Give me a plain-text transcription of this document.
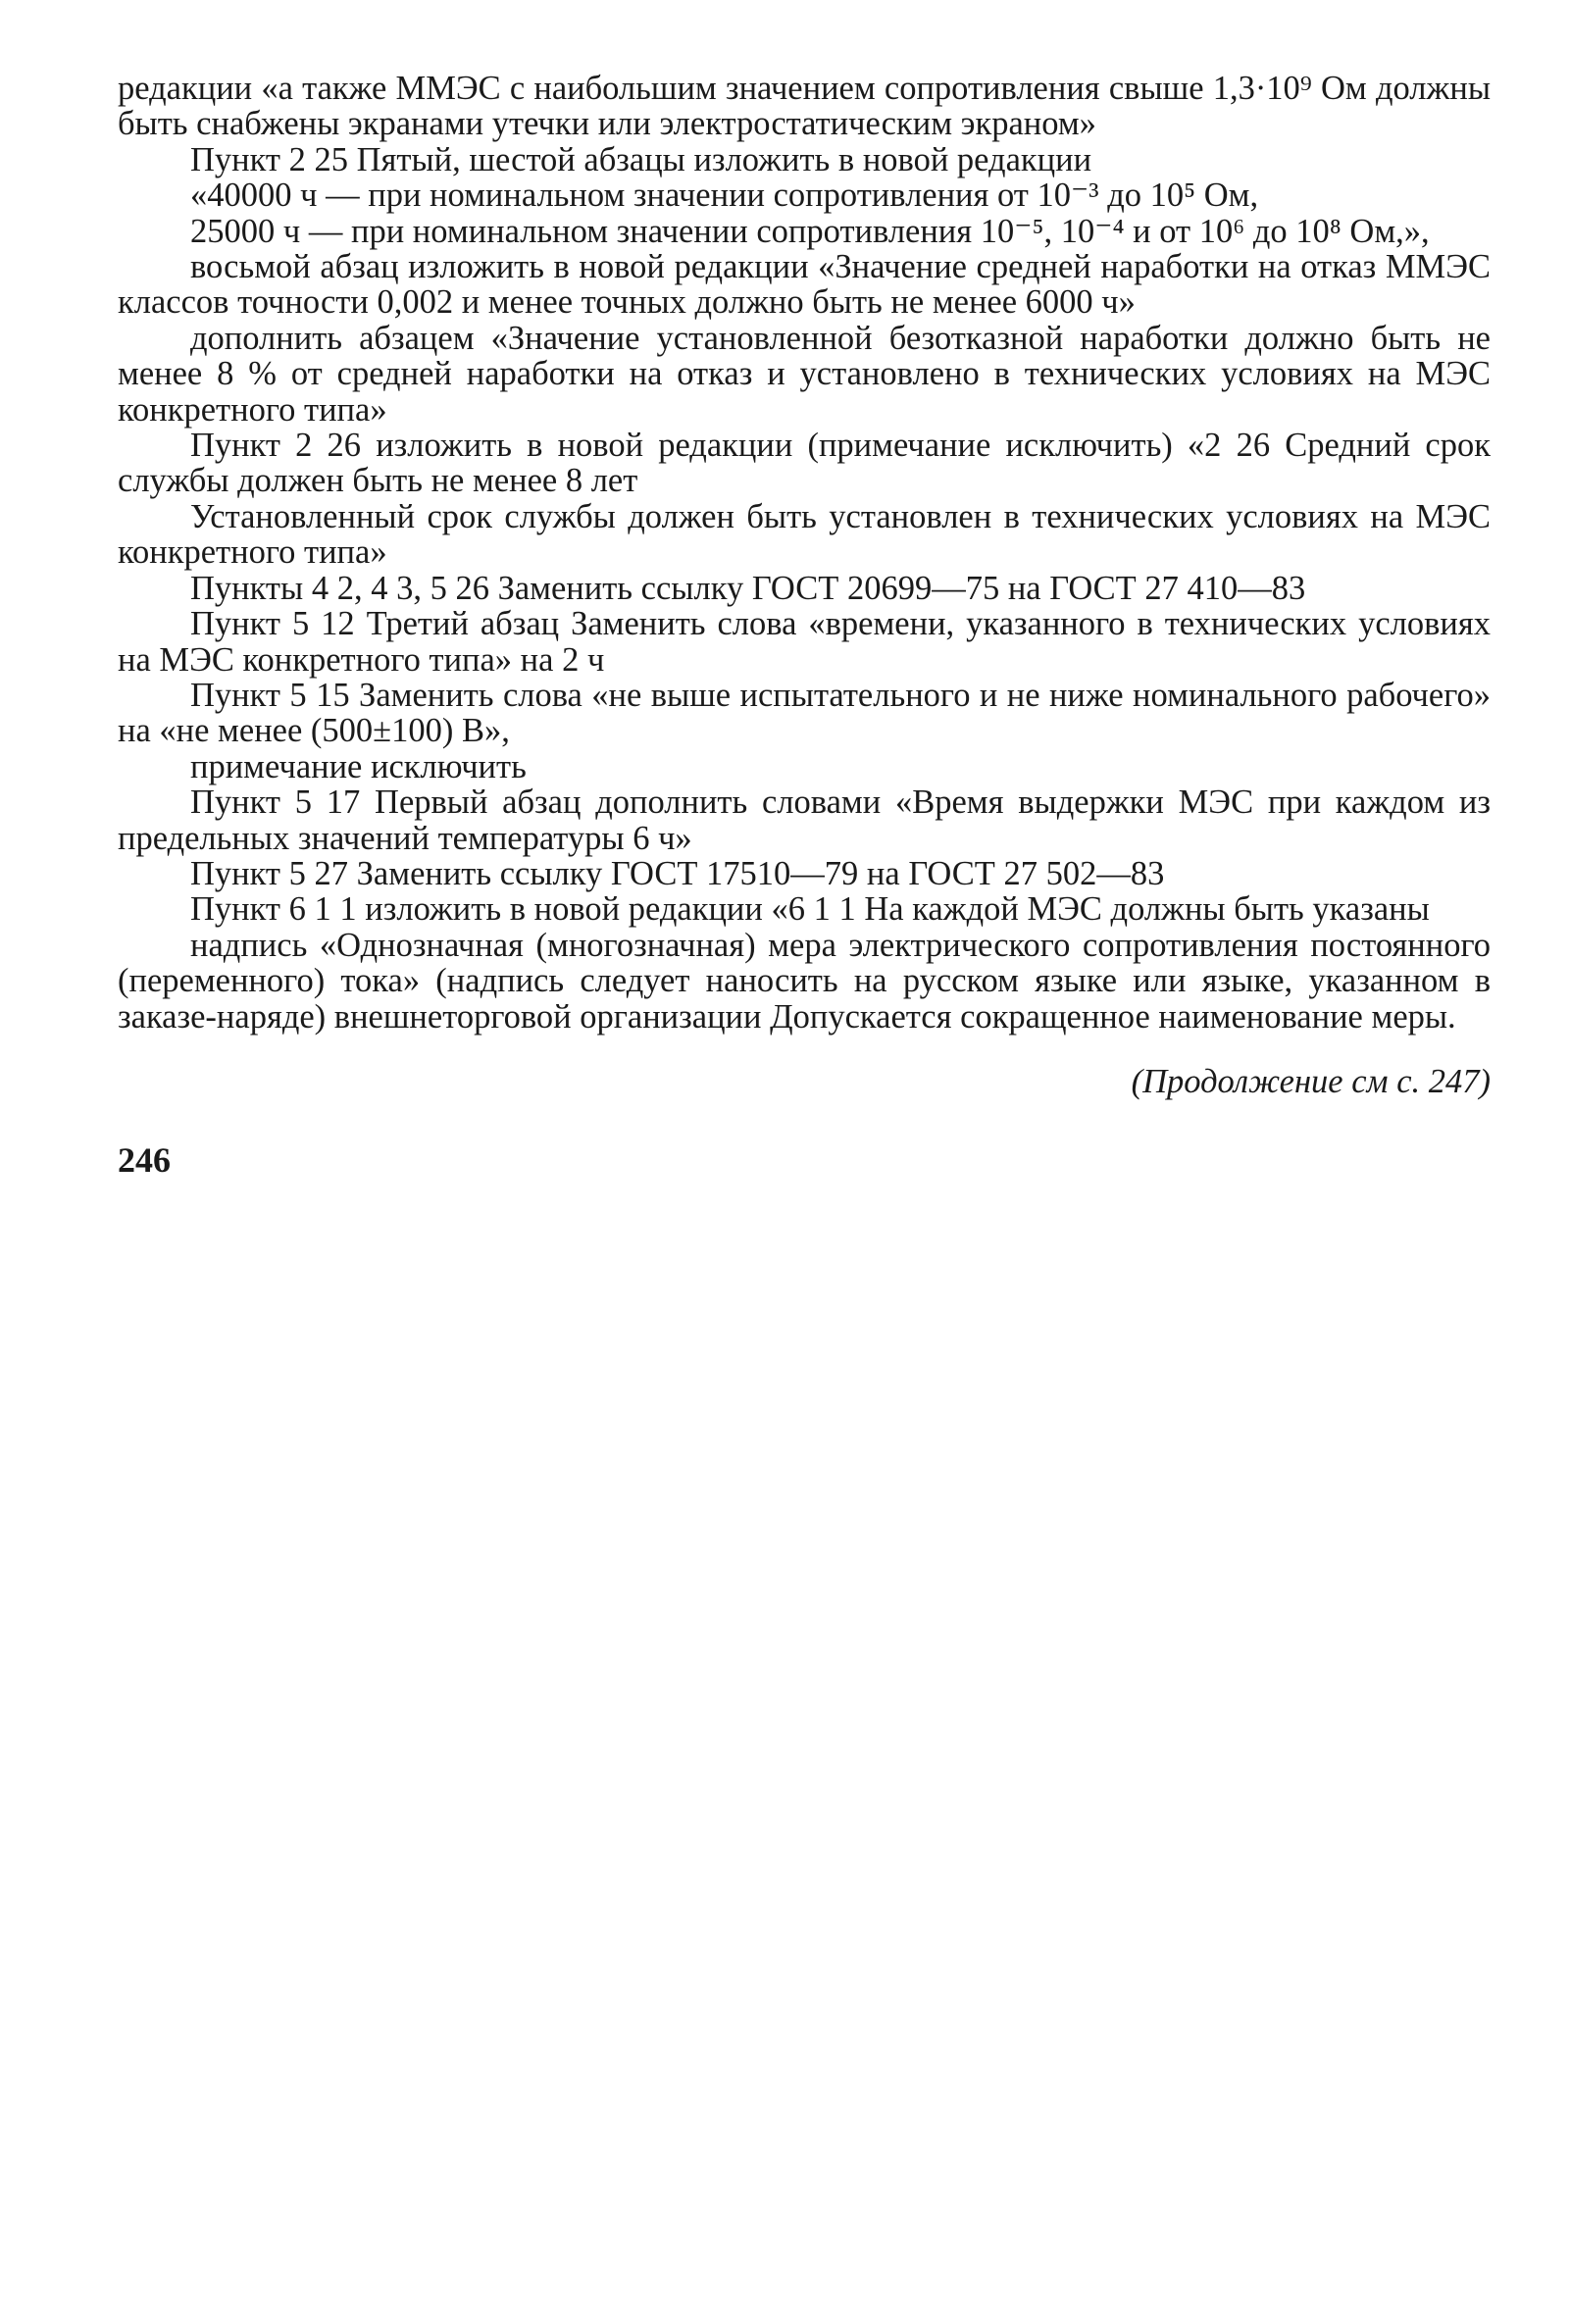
редакции «а также ММЭС с наибольшим значением сопротивления свыше 1,3·10⁹ Ом должны быть снабжены экранами утечки или электростатическим экраном»

Пункт 2 25 Пятый, шестой абзацы изложить в новой редакции

«40000 ч — при номинальном значении сопротивления от 10⁻³ до 10⁵ Ом,

25000 ч — при номинальном значении сопротивления 10⁻⁵, 10⁻⁴ и от 10⁶ до 10⁸ Ом,»,

восьмой абзац изложить в новой редакции «Значение средней наработки на отказ ММЭС классов точности 0,002 и менее точных должно быть не менее 6000 ч»

дополнить абзацем «Значение установленной безотказной наработки должно быть не менее 8 % от средней наработки на отказ и установлено в технических условиях на МЭС конкретного типа»

Пункт 2 26 изложить в новой редакции (примечание исключить) «2 26 Средний срок службы должен быть не менее 8 лет

Установленный срок службы должен быть установлен в технических условиях на МЭС конкретного типа»

Пункты 4 2, 4 3, 5 26 Заменить ссылку ГОСТ 20699—75 на ГОСТ 27 410—83

Пункт 5 12 Третий абзац Заменить слова «времени, указанного в технических условиях на МЭС конкретного типа» на 2 ч

Пункт 5 15 Заменить слова «не выше испытательного и не ниже номинального рабочего» на «не менее (500±100) В»,

примечание исключить

Пункт 5 17 Первый абзац дополнить словами «Время выдержки МЭС при каждом из предельных значений температуры 6 ч»

Пункт 5 27 Заменить ссылку ГОСТ 17510—79 на ГОСТ 27 502—83

Пункт 6 1 1 изложить в новой редакции «6 1 1 На каждой МЭС должны быть указаны

надпись «Однозначная (многозначная) мера электрического сопротивления постоянного (переменного) тока» (надпись следует наносить на русском языке или языке, указанном в заказе-наряде) внешнеторговой организации Допускается сокращенное наименование меры.

(Продолжение см с. 247)
246
